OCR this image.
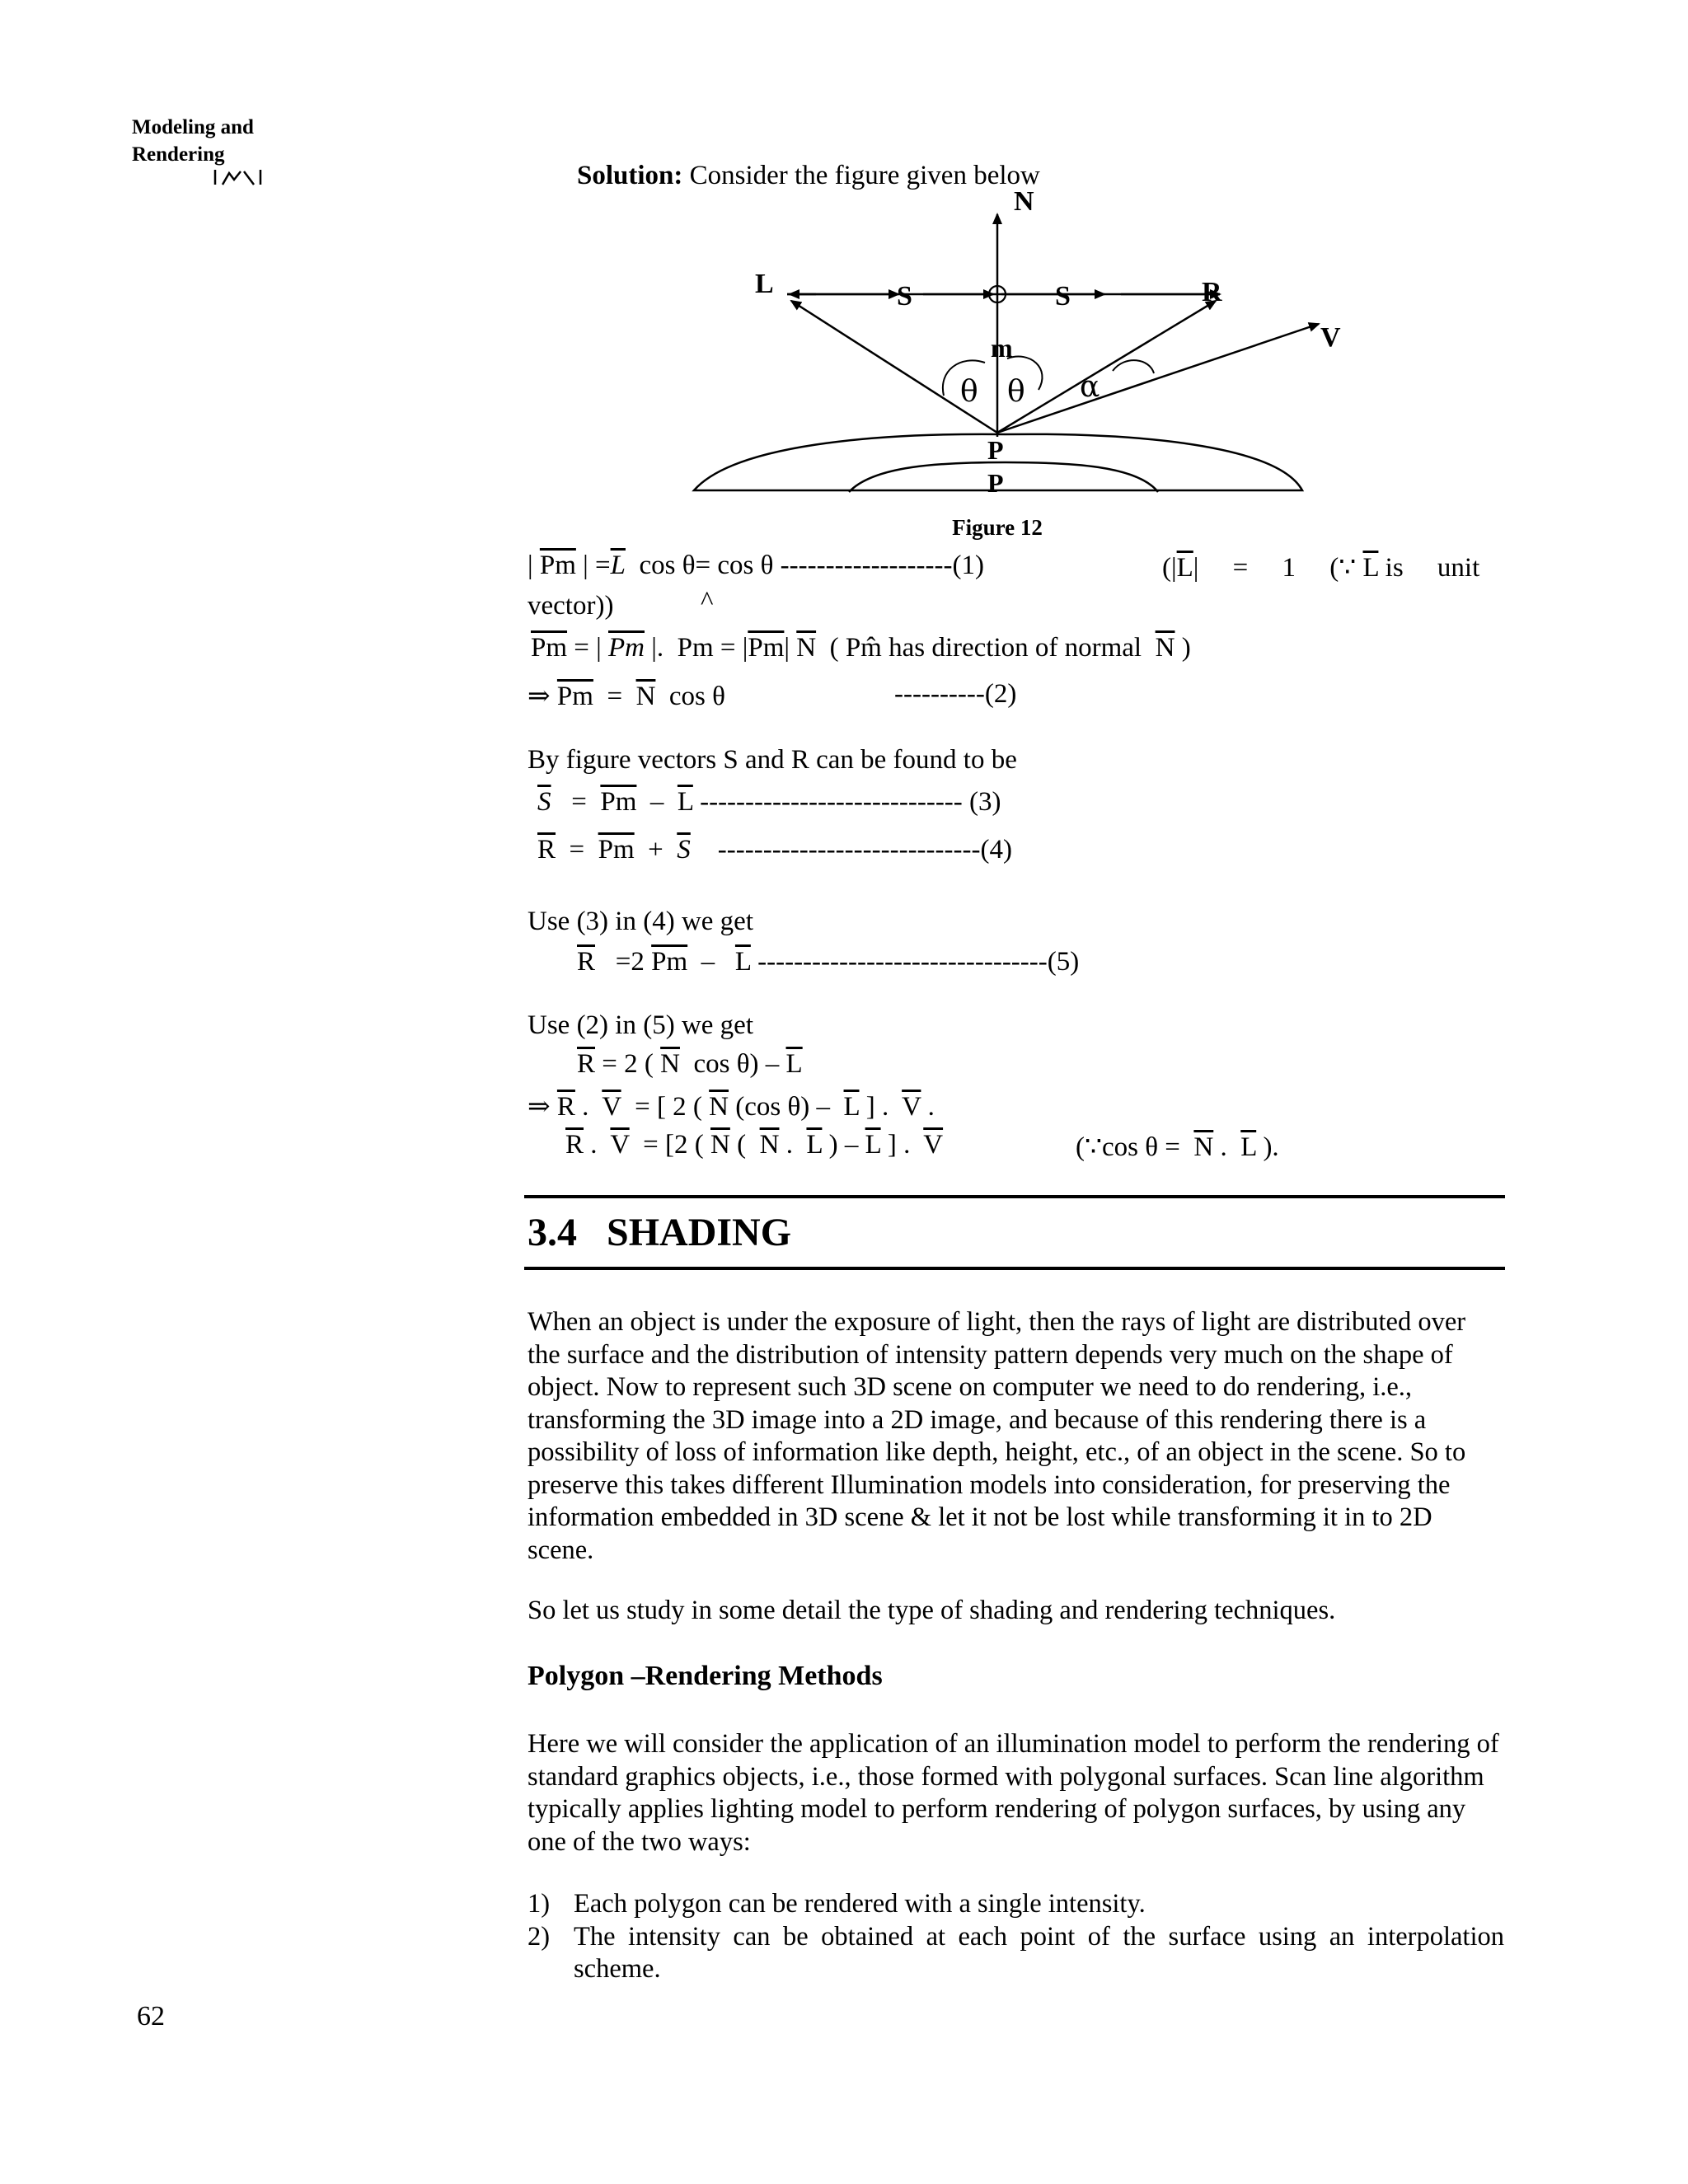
Modeling and
Rendering
Solution: Consider the figure given below
N
L	S	S	R
V
m
θ θ α
P
P
Figure 12
| $\overline{Pm}$ | $=\overline{L}$  cos θ= cos θ -------------------(1)	($|\overline{L}|$     =     1     (∵ $\overline{L}$ is     unit
vector))	^
$\overline{Pm}$ = | $\overline{Pm}$ |.  $Pm = |\overline{Pm}|$ $\overline{N}$  ( Pm̂ has direction of normal  $\overline{N}$ )
⇒ $\overline{Pm} = \overline{N}$  cos θ	----------(2)
By figure vectors S and R can be found to be
$\overline{S} = \overline{Pm} - \overline{L}$ ----------------------------- (3)
$\overline{R} = \overline{Pm} + \overline{S}$    -----------------------------(4)
Use (3) in (4) we get
$\overline{R} =2$ $\overline{Pm} - \overline{L}$ --------------------------------(5)
Use (2) in (5) we get
$\overline{R} = 2$ ( $\overline{N}$  $\cos \theta) - \overline{L}$
⇒ $\overline{R}$ .  $\overline{V}$  = [ 2 ( $\overline{N}$ (cos $\theta) - \overline{L}$ ] .  $\overline{V}$ .
$\overline{R}$ .  $\overline{V} = [2$ ( $\overline{N}$ (  $\overline{N}$ .  $\overline{L}$ ) – $\overline{L}$ ] .  $\overline{V}$	(∵cos $\theta = \overline{N}$ .  $\overline{L}$ ).
3.4 SHADING
When an object is under the exposure of light, then the rays of light are distributed over the surface and the distribution of intensity pattern depends very much on the shape of object. Now to represent such 3D scene on computer we need to do rendering, i.e., transforming the 3D image into a 2D image, and because of this rendering there is a possibility of loss of information like depth, height, etc., of an object in the scene. So to preserve this takes different Illumination models into consideration, for preserving the information embedded in 3D scene & let it not be lost while transforming it in to 2D scene.
So let us study in some detail the type of shading and rendering techniques.
Polygon –Rendering Methods
Here we will consider the application of an illumination model to perform the rendering of standard graphics objects, i.e., those formed with polygonal surfaces. Scan line algorithm typically applies lighting model to perform rendering of polygon surfaces, by using any one of the two ways:
1) Each polygon can be rendered with a single intensity.
2) The intensity can be obtained at each point of the surface using an interpolation scheme.
62
